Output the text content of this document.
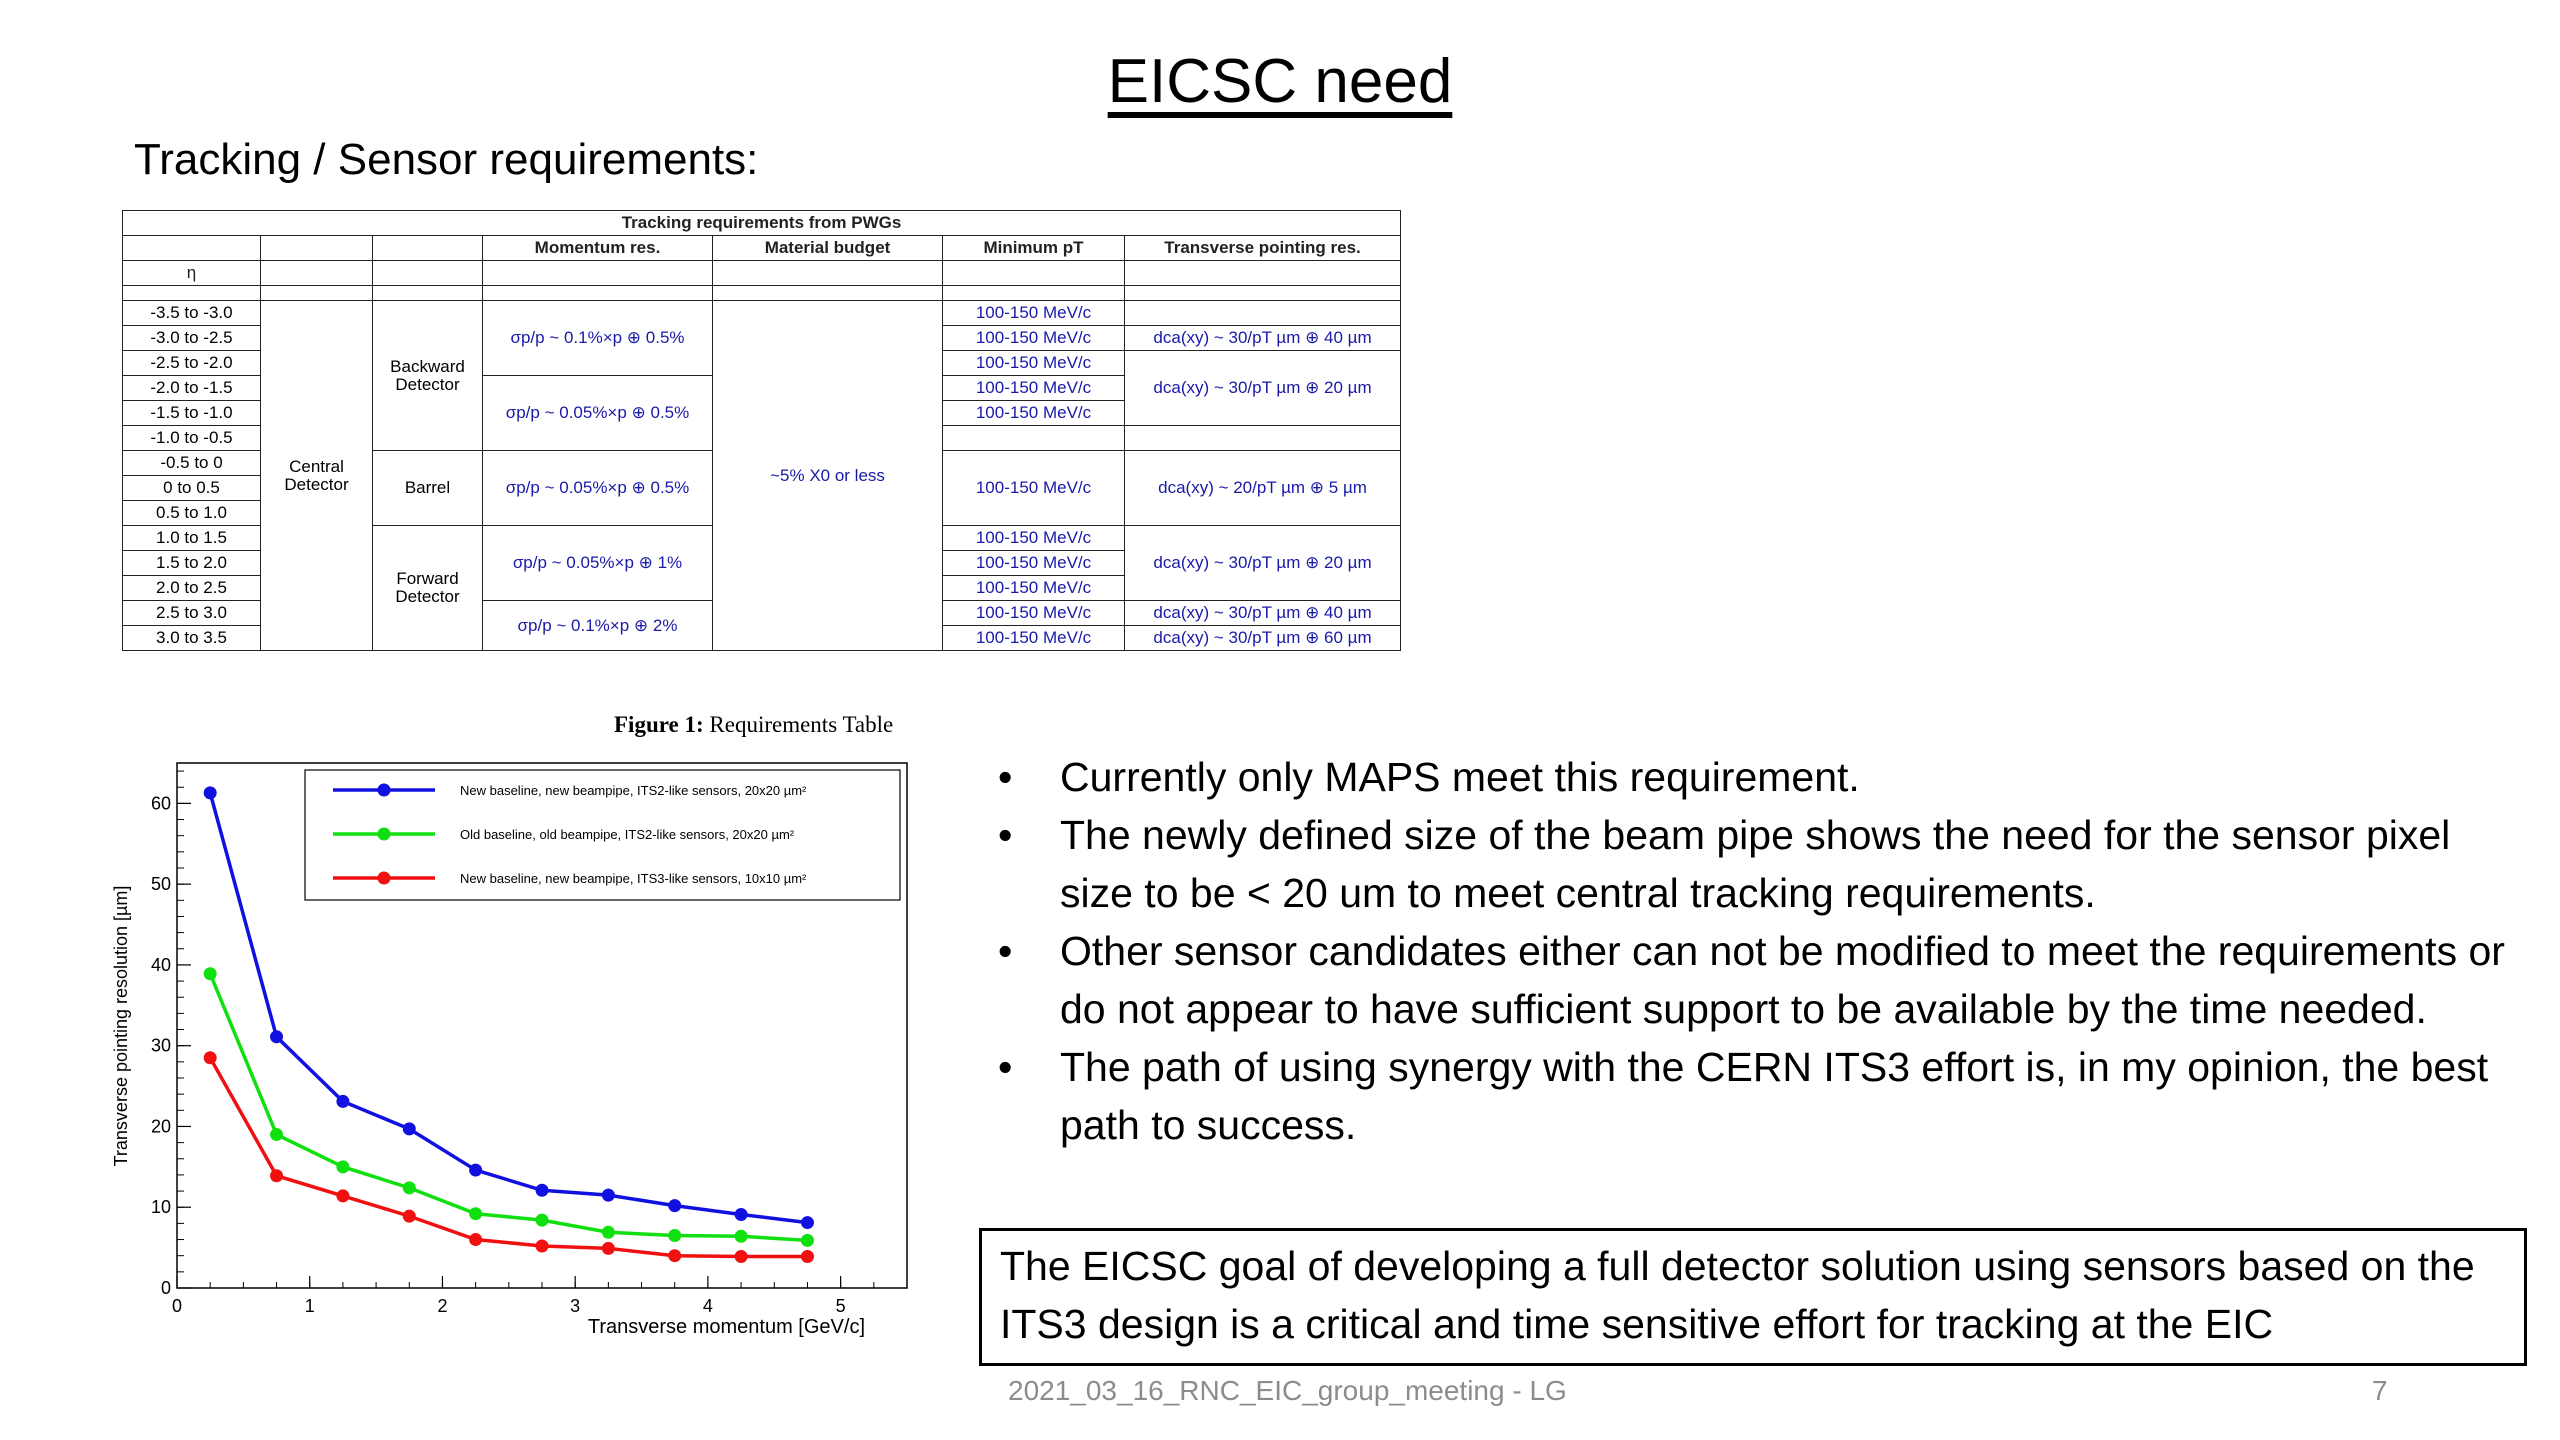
EICSC need
Tracking / Sensor requirements:
Tracking requirements from PWGs						
			Momentum res.	Material budget	Minimum pT	Transverse pointing res.
η						

-3.5 to -3.0	Central Detector	Backward Detector	σp/p ~ 0.1%×p ⊕ 0.5%	~5% X0 or less	100-150 MeV/c	
-3.0 to -2.5					100-150 MeV/c	dca(xy) ~ 30/pT µm ⊕ 40 µm
-2.5 to -2.0					100-150 MeV/c	dca(xy) ~ 30/pT µm ⊕ 20 µm
-2.0 to -1.5			σp/p ~ 0.05%×p ⊕ 0.5%		100-150 MeV/c	
-1.5 to -1.0					100-150 MeV/c	
-1.0 to -0.5						
-0.5 to 0		Barrel	σp/p ~ 0.05%×p ⊕ 0.5%		100-150 MeV/c	dca(xy) ~ 20/pT µm ⊕ 5 µm
0 to 0.5						
0.5 to 1.0						
1.0 to 1.5		Forward Detector	σp/p ~ 0.05%×p ⊕ 1%		100-150 MeV/c	dca(xy) ~ 30/pT µm ⊕ 20 µm
1.5 to 2.0					100-150 MeV/c	
2.0 to 2.5					100-150 MeV/c	
2.5 to 3.0			σp/p ~ 0.1%×p ⊕ 2%		100-150 MeV/c	dca(xy) ~ 30/pT µm ⊕ 40 µm
3.0 to 3.5					100-150 MeV/c	dca(xy) ~ 30/pT µm ⊕ 60 µm
Figure 1: Requirements Table
0	1	2	3	4	5
0
10
20
30
40
50
60
New baseline, new beampipe, ITS2-like sensors, 20x20 µm²
Old baseline, old beampipe, ITS2-like sensors, 20x20 µm²
New baseline, new beampipe, ITS3-like sensors, 10x10 µm²
Transverse momentum [GeV/c]
Transverse pointing resolution [µm]
• Currently only MAPS meet this requirement.
• The newly defined size of the beam pipe shows the need for the sensor pixel size to be < 20 um to meet central tracking requirements.
• Other sensor candidates either can not be modified to meet the requirements or do not appear to have sufficient support to be available by the time needed.
• The path of using synergy with the CERN ITS3 effort is, in my opinion, the best path to success.
The EICSC goal of developing a full detector solution using sensors based on the ITS3 design is a critical and time sensitive effort for tracking at the EIC
2021_03_16_RNC_EIC_group_meeting - LG	7
